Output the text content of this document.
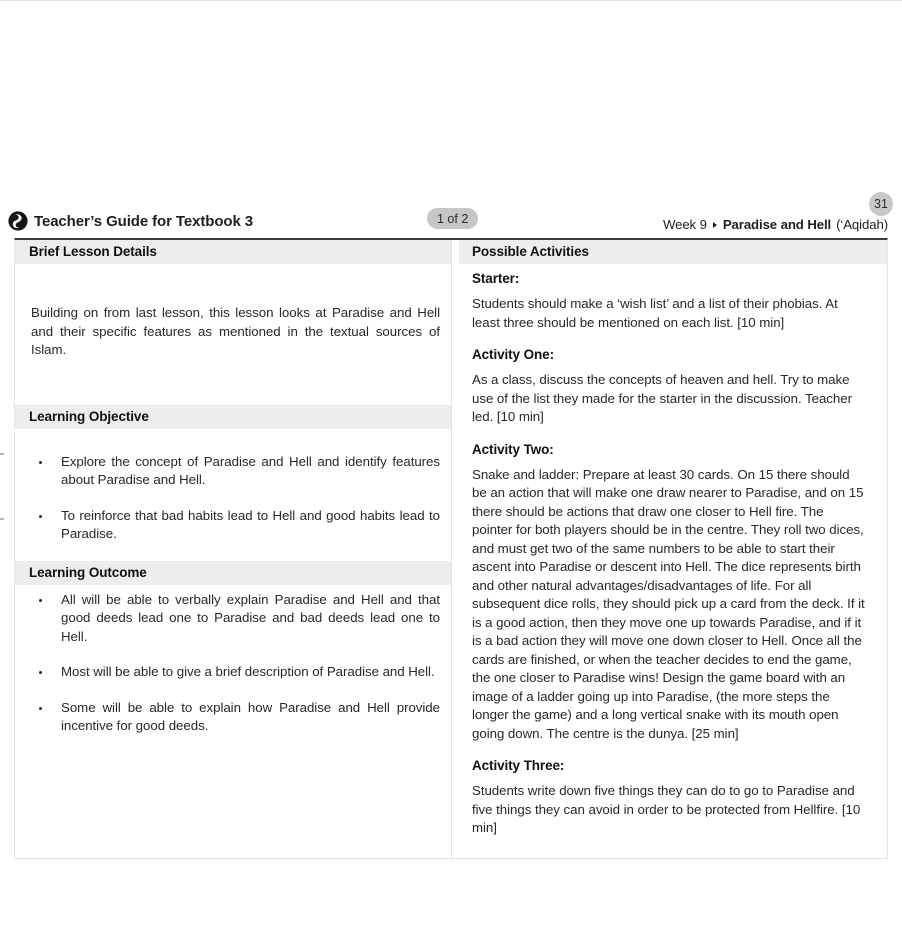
Teacher’s Guide for Textbook 3	1 of 2
31
Week 9 Paradise and Hell (‘Aqidah)
Brief Lesson Details

Building on from last lesson, this lesson looks at Paradise and Hell and their specific features as mentioned in the textual sources of Islam.

Learning Objective
Explore the concept of Paradise and Hell and identify features about Paradise and Hell.
To reinforce that bad habits lead to Hell and good habits lead to Paradise.
Learning Outcome
All will be able to verbally explain Paradise and Hell and that good deeds lead one to Paradise and bad deeds lead one to Hell.
Most will be able to give a brief description of Paradise and Hell.
Some will be able to explain how Paradise and Hell provide incentive for good deeds.
Possible Activities

Starter:

Students should make a ‘wish list’ and a list of their phobias. At least three should be mentioned on each list. [10 min]

Activity One:

As a class, discuss the concepts of heaven and hell. Try to make use of the list they made for the starter in the discussion. Teacher led. [10 min]

Activity Two:

Snake and ladder: Prepare at least 30 cards. On 15 there should be an action that will make one draw nearer to Paradise, and on 15 there should be actions that draw one closer to Hell fire. The pointer for both players should be in the centre. They roll two dices, and must get two of the same numbers to be able to start their ascent into Paradise or descent into Hell. The dice represents birth and other natural advantages/disadvantages of life. For all subsequent dice rolls, they should pick up a card from the deck. If it is a good action, then they move one up towards Paradise, and if it is a bad action they will move one down closer to Hell. Once all the cards are finished, or when the teacher decides to end the game, the one closer to Paradise wins! Design the game board with an image of a ladder going up into Paradise, (the more steps the longer the game) and a long vertical snake with its mouth open going down. The centre is the dunya. [25 min]

Activity Three:

Students write down five things they can do to go to Paradise and five things they can avoid in order to be protected from Hellfire. [10 min]
